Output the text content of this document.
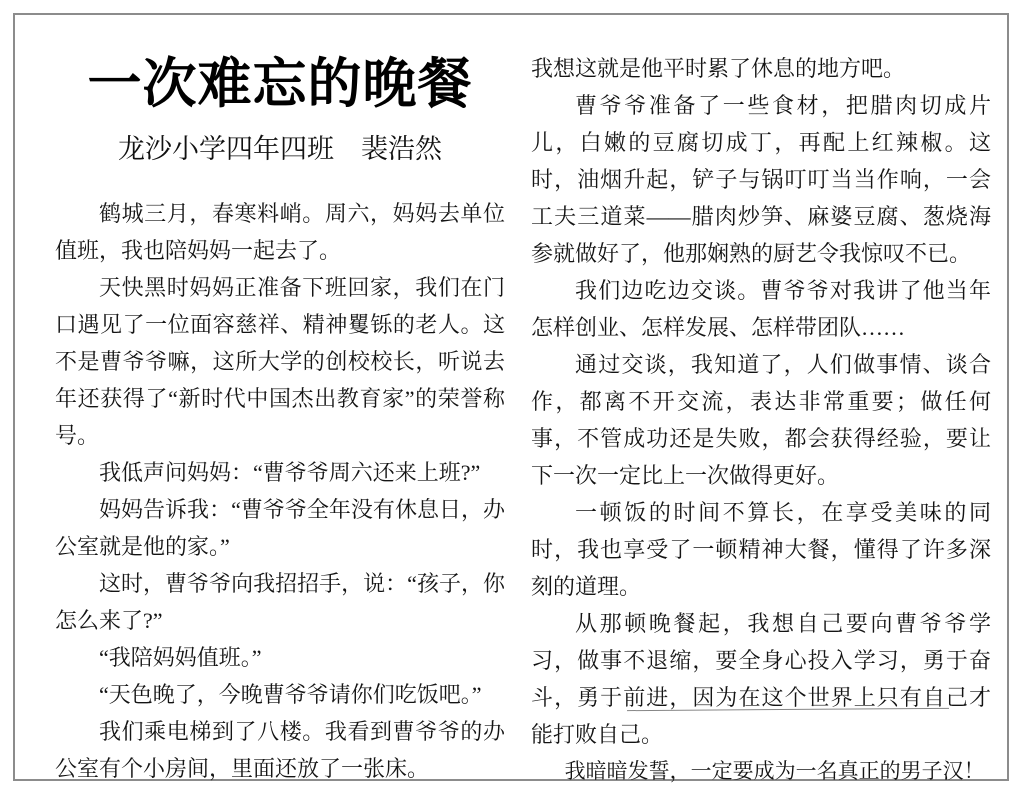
一次难忘的晚餐
龙沙小学四年四班　裴浩然

鹤城三月，春寒料峭。周六，妈妈去单位值班，我也陪妈妈一起去了。

天快黑时妈妈正准备下班回家，我们在门口遇见了一位面容慈祥、精神矍铄的老人。这不是曹爷爷嘛，这所大学的创校校长，听说去年还获得了“新时代中国杰出教育家”的荣誉称号。

我低声问妈妈：“曹爷爷周六还来上班?”

妈妈告诉我：“曹爷爷全年没有休息日，办公室就是他的家。”

这时，曹爷爷向我招招手，说：“孩子，你怎么来了?”

“我陪妈妈值班。”

“天色晚了，今晚曹爷爷请你们吃饭吧。”

我们乘电梯到了八楼。我看到曹爷爷的办公室有个小房间，里面还放了一张床。

我想这就是他平时累了休息的地方吧。

曹爷爷准备了一些食材，把腊肉切成片儿，白嫩的豆腐切成丁，再配上红辣椒。这时，油烟升起，铲子与锅叮叮当当作响，一会工夫三道菜——腊肉炒笋、麻婆豆腐、葱烧海参就做好了，他那娴熟的厨艺令我惊叹不已。

我们边吃边交谈。曹爷爷对我讲了他当年怎样创业、怎样发展、怎样带团队……

通过交谈，我知道了，人们做事情、谈合作，都离不开交流，表达非常重要；做任何事，不管成功还是失败，都会获得经验，要让下一次一定比上一次做得更好。

一顿饭的时间不算长，在享受美味的同时，我也享受了一顿精神大餐，懂得了许多深刻的道理。

从那顿晚餐起，我想自己要向曹爷爷学习，做事不退缩，要全身心投入学习，勇于奋斗，勇于前进，因为在这个世界上只有自己才能打败自己。

我暗暗发誓，一定要成为一名真正的男子汉！
